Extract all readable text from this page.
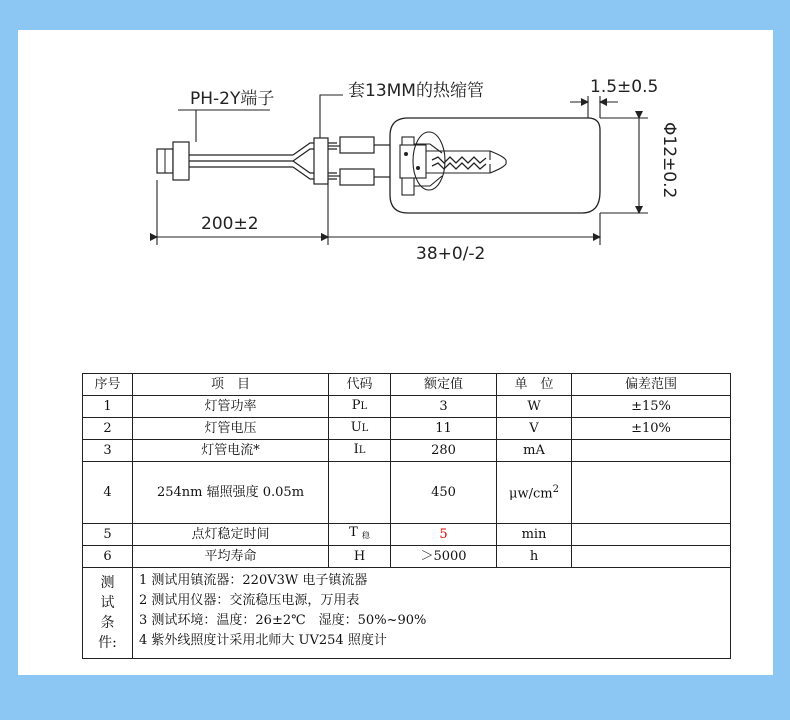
PH-2Y端子	套13MM的热缩管	1.5±0.5
Φ12±0.2
200±2
38+0/-2
序号	项　目	代码	额定值	单　位	偏差范围
1	灯管功率	PL	3	W	±15%
2	灯管电压	UL	11	V	±10%
3	灯管电流*	IL	280	mA	
4	254nm 辐照强度 0.05m		450	$\mu w/cm^2$	
5	点灯稳定时间	T 稳	5	min	
6	平均寿命	H	＞5000	h	

测
试
条
件:	1 测试用镇流器：220V3W 电子镇流器
2 测试用仪器：交流稳压电源，万用表
3 测试环境：温度：26±2℃　湿度：50%~90%
4 紫外线照度计采用北师大 UV254 照度计				
